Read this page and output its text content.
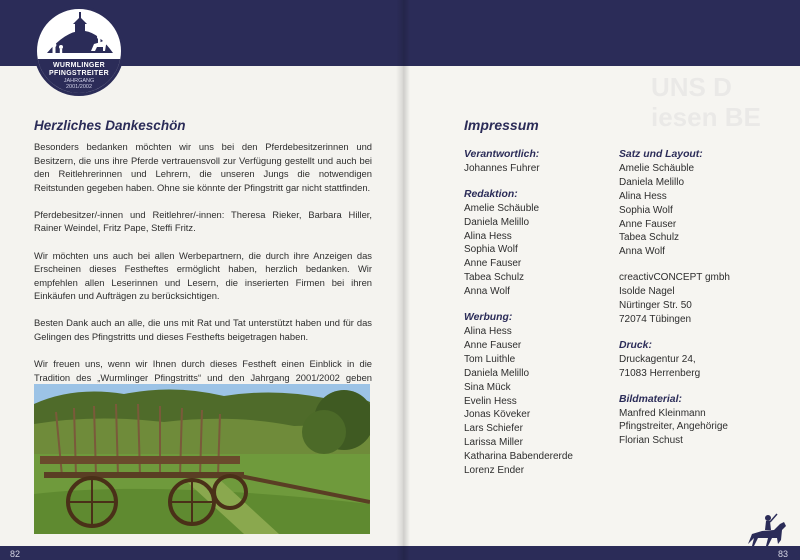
WURMLINGER
PFINGSTREITER
JAHRGANG
2001/2002
Herzliches Dankeschön

Besonders bedanken möchten wir uns bei den Pferdebesitzerinnen und Besitzern, die uns ihre Pferde vertrauensvoll zur Verfügung gestellt und auch bei den Reitlehrerinnen und Lehrern, die unseren Jungs die notwendigen Reitstunden gegeben haben. Ohne sie könnte der Pfingstritt gar nicht stattfinden.

Pferdebesitzer/-innen und Reitlehrer/-innen: Theresa Rieker, Barbara Hiller, Rainer Weindel, Fritz Pape, Steffi Fritz.

Wir möchten uns auch bei allen Werbepartnern, die durch ihre Anzeigen das Erscheinen dieses Festheftes ermöglicht haben, herzlich bedanken. Wir empfehlen allen Leserinnen und Lesern, die inserierten Firmen bei ihren Einkäufen und Aufträgen zu berücksichtigen.

Besten Dank auch an alle, die uns mit Rat und Tat unterstützt haben und für das Gelingen des Pfingstritts und dieses Festhefts beigetragen haben.

Wir freuen uns, wenn wir Ihnen durch dieses Festheft einen Einblick in die Tradition des „Wurmlinger Pfingstritts“ und den Jahrgang 2001/2002 geben

82
UNS D
iesen BE
Impressum
Verantwortlich:
Johannes Fuhrer
Redaktion:
Amelie Schäuble
Daniela Melillo
Alina Hess
Sophia Wolf
Anne Fauser
Tabea Schulz
Anna Wolf
Werbung:
Alina Hess
Anne Fauser
Tom Luithle
Daniela Melillo
Sina Mück
Evelin Hess
Jonas Köveker
Lars Schiefer
Larissa Miller
Katharina Babendererde
Lorenz Ender
Satz und Layout:
Amelie Schäuble
Daniela Melillo
Alina Hess
Sophia Wolf
Anne Fauser
Tabea Schulz
Anna Wolf
creactivCONCEPT gmbh
Isolde Nagel
Nürtinger Str. 50
72074 Tübingen
Druck:
Druckagentur 24,
71083 Herrenberg
Bildmaterial:
Manfred Kleinmann
Pfingstreiter, Angehörige
Florian Schust
83
